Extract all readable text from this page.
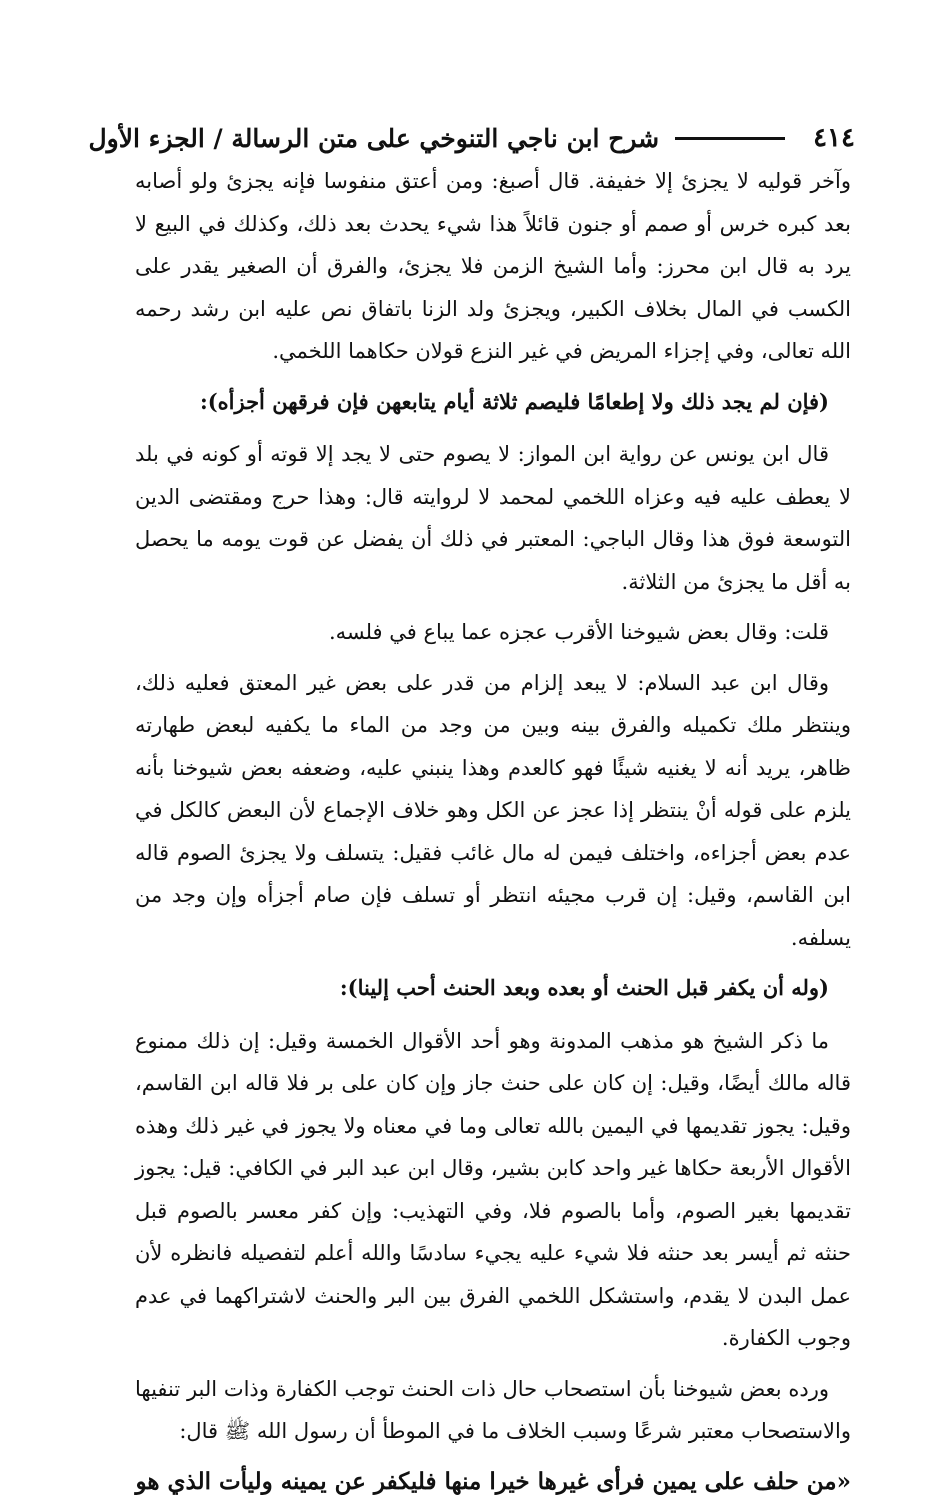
٤١٤
شرح ابن ناجي التنوخي على متن الرسالة / الجزء الأول

وآخر قوليه لا يجزئ إلا خفيفة. قال أصبغ: ومن أعتق منفوسا فإنه يجزئ ولو أصابه بعد كبره خرس أو صمم أو جنون قائلاً هذا شيء يحدث بعد ذلك، وكذلك في البيع لا يرد به قال ابن محرز: وأما الشيخ الزمن فلا يجزئ، والفرق أن الصغير يقدر على الكسب في المال بخلاف الكبير، ويجزئ ولد الزنا باتفاق نص عليه ابن رشد رحمه الله تعالى، وفي إجزاء المريض في غير النزع قولان حكاهما اللخمي.

(فإن لم يجد ذلك ولا إطعامًا فليصم ثلاثة أيام يتابعهن فإن فرقهن أجزأه):

قال ابن يونس عن رواية ابن المواز: لا يصوم حتى لا يجد إلا قوته أو كونه في بلد لا يعطف عليه فيه وعزاه اللخمي لمحمد لا لروايته قال: وهذا حرج ومقتضى الدين التوسعة فوق هذا وقال الباجي: المعتبر في ذلك أن يفضل عن قوت يومه ما يحصل به أقل ما يجزئ من الثلاثة.

قلت: وقال بعض شيوخنا الأقرب عجزه عما يباع في فلسه.

وقال ابن عبد السلام: لا يبعد إلزام من قدر على بعض غير المعتق فعليه ذلك، وينتظر ملك تكميله والفرق بينه وبين من وجد من الماء ما يكفيه لبعض طهارته ظاهر، يريد أنه لا يغنيه شيئًا فهو كالعدم وهذا ينبني عليه، وضعفه بعض شيوخنا بأنه يلزم على قوله أنْ ينتظر إذا عجز عن الكل وهو خلاف الإجماع لأن البعض كالكل في عدم بعض أجزاءه، واختلف فيمن له مال غائب فقيل: يتسلف ولا يجزئ الصوم قاله ابن القاسم، وقيل: إن قرب مجيئه انتظر أو تسلف فإن صام أجزأه وإن وجد من يسلفه.

(وله أن يكفر قبل الحنث أو بعده وبعد الحنث أحب إلينا):

ما ذكر الشيخ هو مذهب المدونة وهو أحد الأقوال الخمسة وقيل: إن ذلك ممنوع قاله مالك أيضًا، وقيل: إن كان على حنث جاز وإن كان على بر فلا قاله ابن القاسم، وقيل: يجوز تقديمها في اليمين بالله تعالى وما في معناه ولا يجوز في غير ذلك وهذه الأقوال الأربعة حكاها غير واحد كابن بشير، وقال ابن عبد البر في الكافي: قيل: يجوز تقديمها بغير الصوم، وأما بالصوم فلا، وفي التهذيب: وإن كفر معسر بالصوم قبل حنثه ثم أيسر بعد حنثه فلا شيء عليه يجيء سادسًا والله أعلم لتفصيله فانظره لأن عمل البدن لا يقدم، واستشكل اللخمي الفرق بين البر والحنث لاشتراكهما في عدم وجوب الكفارة.

ورده بعض شيوخنا بأن استصحاب حال ذات الحنث توجب الكفارة وذات البر تنفيها والاستصحاب معتبر شرعًا وسبب الخلاف ما في الموطأ أن رسول الله ﷺ قال:

«من حلف على يمين فرأى غيرها خيرا منها فليكفر عن يمينه وليأت الذي هو
